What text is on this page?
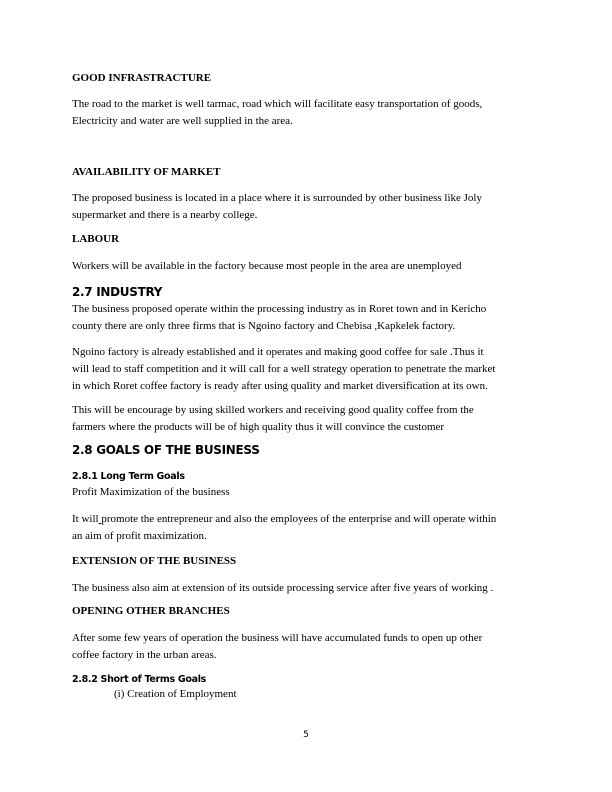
GOOD INFRASTRACTURE
The road to the market is well tarmac, road which will facilitate easy transportation of goods,
Electricity and water are well supplied in the area.
AVAILABILITY OF MARKET
The proposed business is located in a place where it is surrounded by other business like Joly
supermarket and there is a nearby college.
LABOUR
Workers will be available in the factory because most people in the area are unemployed
2.7 INDUSTRY
The business proposed operate within the processing industry as in Roret town and in Kericho
county there are only three firms that is Ngoino factory and Chebisa ,Kapkelek factory.
Ngoino factory is already established and it operates and making good coffee for sale .Thus it
will lead to staff competition and it will call for a well strategy operation to penetrate the market
in which Roret coffee factory is ready after using quality and market diversification at its own.
This will be encourage by using skilled workers and receiving good quality coffee from the
farmers where the products will be of high quality thus it will convince the customer
2.8 GOALS OF THE BUSINESS
2.8.1 Long Term Goals
Profit Maximization of the business
It will promote the entrepreneur and also the employees of the enterprise and will operate within
an aim of profit maximization.
EXTENSION OF THE BUSINESS
The business also aim at extension of its outside processing service after five years of working .
OPENING OTHER BRANCHES
After some few years of operation the business will have accumulated funds to open up other
coffee factory in the urban areas.
2.8.2 Short of Terms Goals
(i) Creation of Employment
5
